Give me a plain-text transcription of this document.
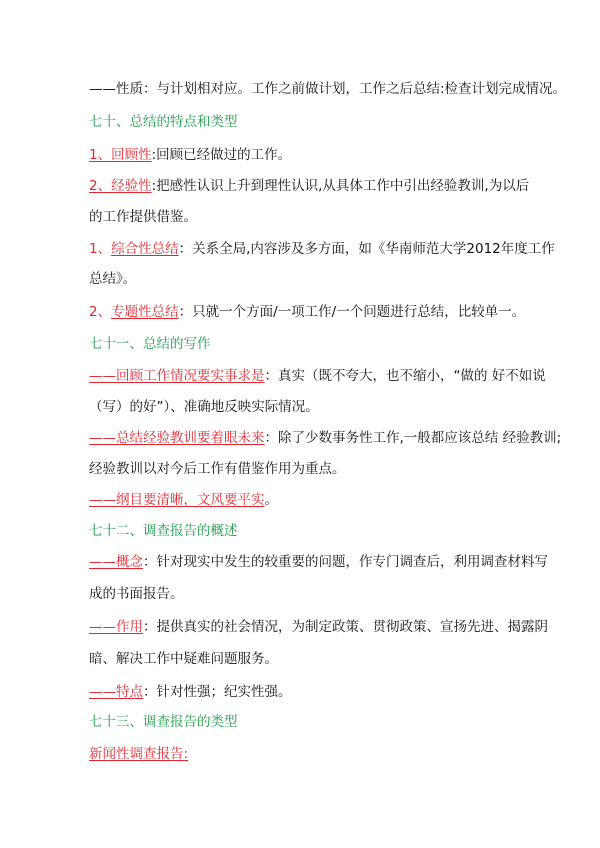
——性质：与计划相对应。工作之前做计划，工作之后总结:检查计划完成情况。
七十、总结的特点和类型
1、回顾性:回顾已经做过的工作。
2、经验性:把感性认识上升到理性认识,从具体工作中引出经验教训,为以后
的工作提供借鉴。
1、综合性总结：关系全局,内容涉及多方面，如《华南师范大学2012年度工作
总结》。
2、专题性总结：只就一个方面/一项工作/一个问题进行总结，比较单一。
七十一、总结的写作
——回顾工作情况要实事求是：真实（既不夸大，也不缩小，“做的 好不如说
（写）的好”）、准确地反映实际情况。
——总结经验教训要着眼未来：除了少数事务性工作,一般都应该总结 经验教训;
经验教训以对今后工作有借鉴作用为重点。
——纲目要清晰，文风要平实。
七十二、调查报告的概述
——概念：针对现实中发生的较重要的问题，作专门调查后，利用调查材料写
成的书面报告。
——作用：提供真实的社会情况，为制定政策、贯彻政策、宣扬先进、揭露阴
暗、解决工作中疑难问题服务。
——特点：针对性强；纪实性强。
七十三、调查报告的类型
新闻性调查报告:
